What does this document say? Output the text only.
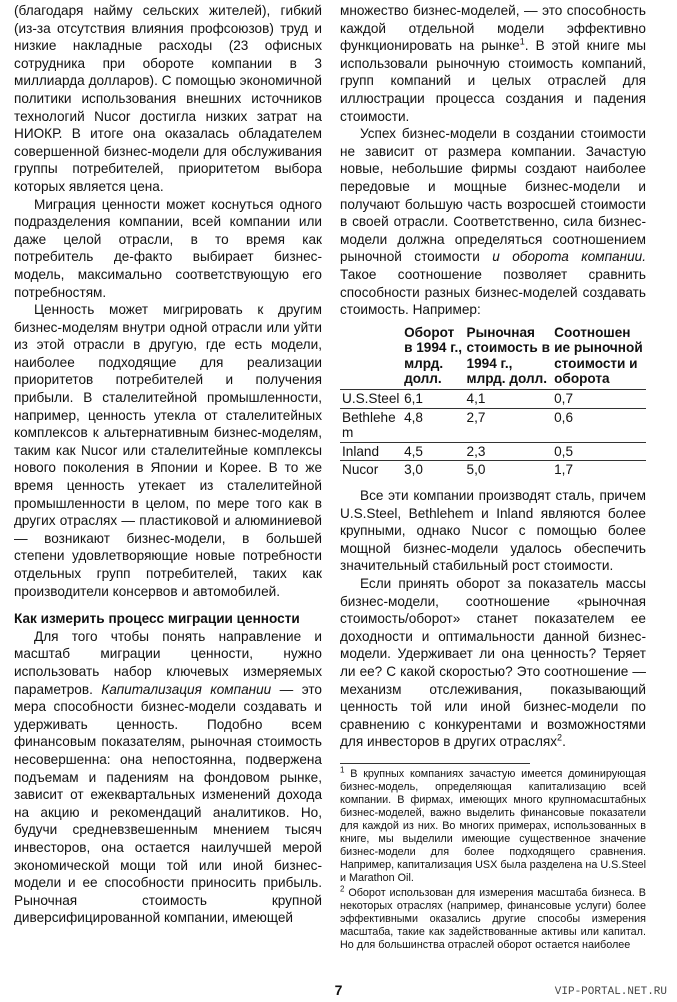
(благодаря найму сельских жителей), гибкий (из-за отсутствия влияния профсоюзов) труд и низкие накладные расходы (23 офисных сотрудника при обороте компании в 3 миллиарда долларов). С помощью экономичной политики использования внешних источников технологий Nucor достигла низких затрат на НИОКР. В итоге она оказалась обладателем совершенной бизнес-модели для обслуживания группы потребителей, приоритетом выбора которых является цена.

Миграция ценности может коснуться одного подразделения компании, всей компании или даже целой отрасли, в то время как потребитель де-факто выбирает бизнес-модель, максимально соответствующую его потребностям.

Ценность может мигрировать к другим бизнес-моделям внутри одной отрасли или уйти из этой отрасли в другую, где есть модели, наиболее подходящие для реализации приоритетов потребителей и получения прибыли. В сталелитейной промышленности, например, ценность утекла от сталелитейных комплексов к альтернативным бизнес-моделям, таким как Nucor или сталелитейные комплексы нового поколения в Японии и Корее. В то же время ценность утекает из сталелитейной промышленности в целом, по мере того как в других отраслях — пластиковой и алюминиевой — возникают бизнес-модели, в большей степени удовлетворяющие новые потребности отдельных групп потребителей, таких как производители консервов и автомобилей.

Как измерить процесс миграции ценности

Для того чтобы понять направление и масштаб миграции ценности, нужно использовать набор ключевых измеряемых параметров. Капитализация компании — это мера способности бизнес-модели создавать и удерживать ценность. Подобно всем финансовым показателям, рыночная стоимость несовершенна: она непостоянна, подвержена подъемам и падениям на фондовом рынке, зависит от ежеквартальных изменений дохода на акцию и рекомендаций аналитиков. Но, будучи средневзвешенным мнением тысяч инвесторов, она остается наилучшей мерой экономической мощи той или иной бизнес-модели и ее способности приносить прибыль. Рыночная стоимость крупной диверсифицированной компании, имеющей

множество бизнес-моделей, — это способность каждой отдельной модели эффективно функционировать на рынке$^1$. В этой книге мы использовали рыночную стоимость компаний, групп компаний и целых отраслей для иллюстрации процесса создания и падения стоимости.

Успех бизнес-модели в создании стоимости не зависит от размера компании. Зачастую новые, небольшие фирмы создают наиболее передовые и мощные бизнес-модели и получают большую часть возросшей стоимости в своей отрасли. Соответственно, сила бизнес-модели должна определяться соотношением рыночной стоимости и оборота компании. Такое соотношение позволяет сравнить способности разных бизнес-моделей создавать стоимость. Например:

	Оборот в 1994 г., млрд. долл.	Рыночная стоимость в 1994 г., млрд. долл.	Соотношен ие рыночной стоимости и оборота
U.S.Steel	6,1	4,1	0,7
Bethlehe m	4,8	2,7	0,6
Inland	4,5	2,3	0,5
Nucor	3,0	5,0	1,7

Все эти компании производят сталь, причем U.S.Steel, Bethlehem и Inland являются более крупными, однако Nucor с помощью более мощной бизнес-модели удалось обеспечить значительный стабильный рост стоимости.

Если принять оборот за показатель массы бизнес-модели, соотношение «рыночная стоимость/оборот» станет показателем ее доходности и оптимальности данной бизнес-модели. Удерживает ли она ценность? Теряет ли ее? С какой скоростью? Это соотношение — механизм отслеживания, показывающий ценность той или иной бизнес-модели по сравнению с конкурентами и возможностями для инвесторов в других отраслях$^2$.

$^1$ В крупных компаниях зачастую имеется доминирующая бизнес-модель, определяющая капитализацию всей компании. В фирмах, имеющих много крупномасштабных бизнес-моделей, важно выделить финансовые показатели для каждой из них. Во многих примерах, использованных в книге, мы выделили имеющие существенное значение бизнес-модели для более подходящего сравнения. Например, капитализация USX была разделена на U.S.Steel и Marathon Oil.
$^2$ Оборот использован для измерения масштаба бизнеса. В некоторых отраслях (например, финансовые услуги) более эффективными оказались другие способы измерения масштаба, такие как задействованные активы или капитал. Но для большинства отраслей оборот остается наиболее
7	VIP-PORTAL.NET.RU
